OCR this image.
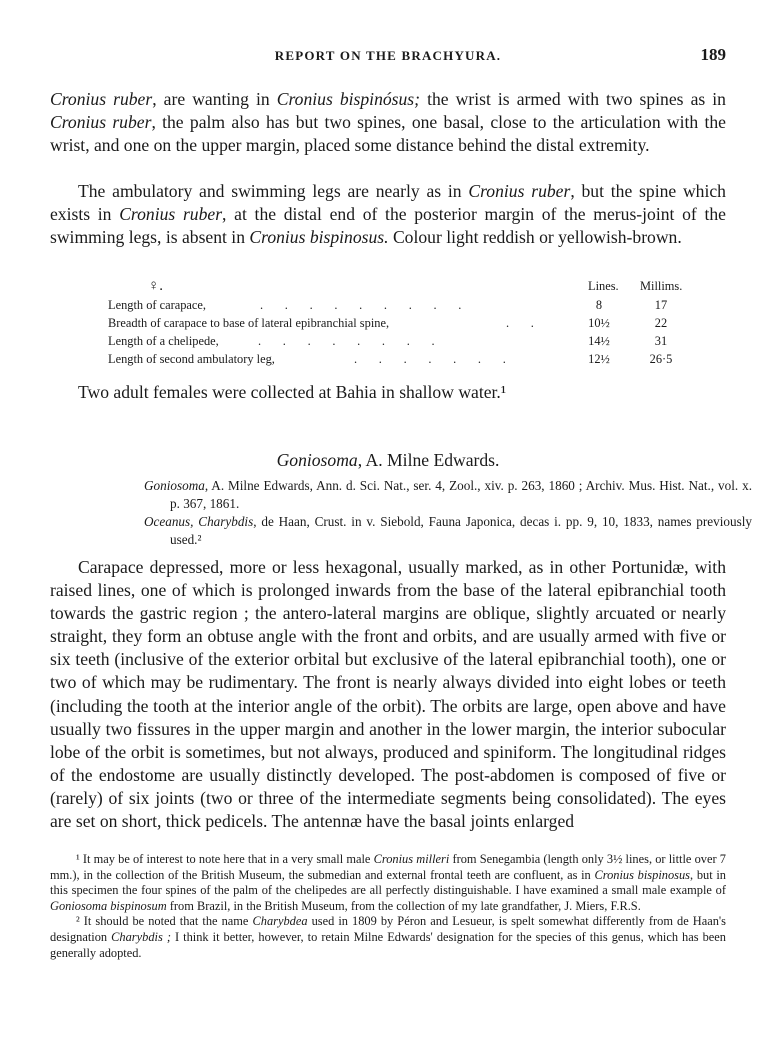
REPORT ON THE BRACHYURA.	189

Cronius ruber, are wanting in Cronius bispinósus; the wrist is armed with two spines as in Cronius ruber, the palm also has but two spines, one basal, close to the articulation with the wrist, and one on the upper margin, placed some distance behind the distal extremity.

The ambulatory and swimming legs are nearly as in Cronius ruber, but the spine which exists in Cronius ruber, at the distal end of the posterior margin of the merus-joint of the swimming legs, is absent in Cronius bispinosus. Colour light reddish or yellowish-brown.

♀.	Lines. Millims.
Length of carapace,	.       .       .       .       .       .       .       .       .	8	17
Breadth of carapace to base of lateral epibranchial spine,	.       .	10½	22
Length of a chelipede,	.       .       .       .       .       .       .       .	14½	31
Length of second ambulatory leg,	.       .       .       .       .       .       .	12½	26·5

Two adult females were collected at Bahia in shallow water.¹

Goniosoma, A. Milne Edwards.

Goniosoma, A. Milne Edwards, Ann. d. Sci. Nat., ser. 4, Zool., xiv. p. 263, 1860 ; Archiv. Mus. Hist. Nat., vol. x. p. 367, 1861.

Oceanus, Charybdis, de Haan, Crust. in v. Siebold, Fauna Japonica, decas i. pp. 9, 10, 1833, names previously used.²

Carapace depressed, more or less hexagonal, usually marked, as in other Portunidæ, with raised lines, one of which is prolonged inwards from the base of the lateral epibranchial tooth towards the gastric region ; the antero-lateral margins are oblique, slightly arcuated or nearly straight, they form an obtuse angle with the front and orbits, and are usually armed with five or six teeth (inclusive of the exterior orbital but exclusive of the lateral epibranchial tooth), one or two of which may be rudimentary. The front is nearly always divided into eight lobes or teeth (including the tooth at the interior angle of the orbit). The orbits are large, open above and have usually two fissures in the upper margin and another in the lower margin, the interior subocular lobe of the orbit is sometimes, but not always, produced and spiniform. The longitudinal ridges of the endostome are usually distinctly developed. The post-abdomen is composed of five or (rarely) of six joints (two or three of the intermediate segments being consolidated). The eyes are set on short, thick pedicels. The antennæ have the basal joints enlarged

¹ It may be of interest to note here that in a very small male Cronius milleri from Senegambia (length only 3½ lines, or little over 7 mm.), in the collection of the British Museum, the submedian and external frontal teeth are confluent, as in Cronius bispinosus, but in this specimen the four spines of the palm of the chelipedes are all perfectly distinguishable. I have examined a small male example of Goniosoma bispinosum from Brazil, in the British Museum, from the collection of my late grandfather, J. Miers, F.R.S.

² It should be noted that the name Charybdea used in 1809 by Péron and Lesueur, is spelt somewhat differently from de Haan's designation Charybdis ; I think it better, however, to retain Milne Edwards' designation for the species of this genus, which has been generally adopted.
